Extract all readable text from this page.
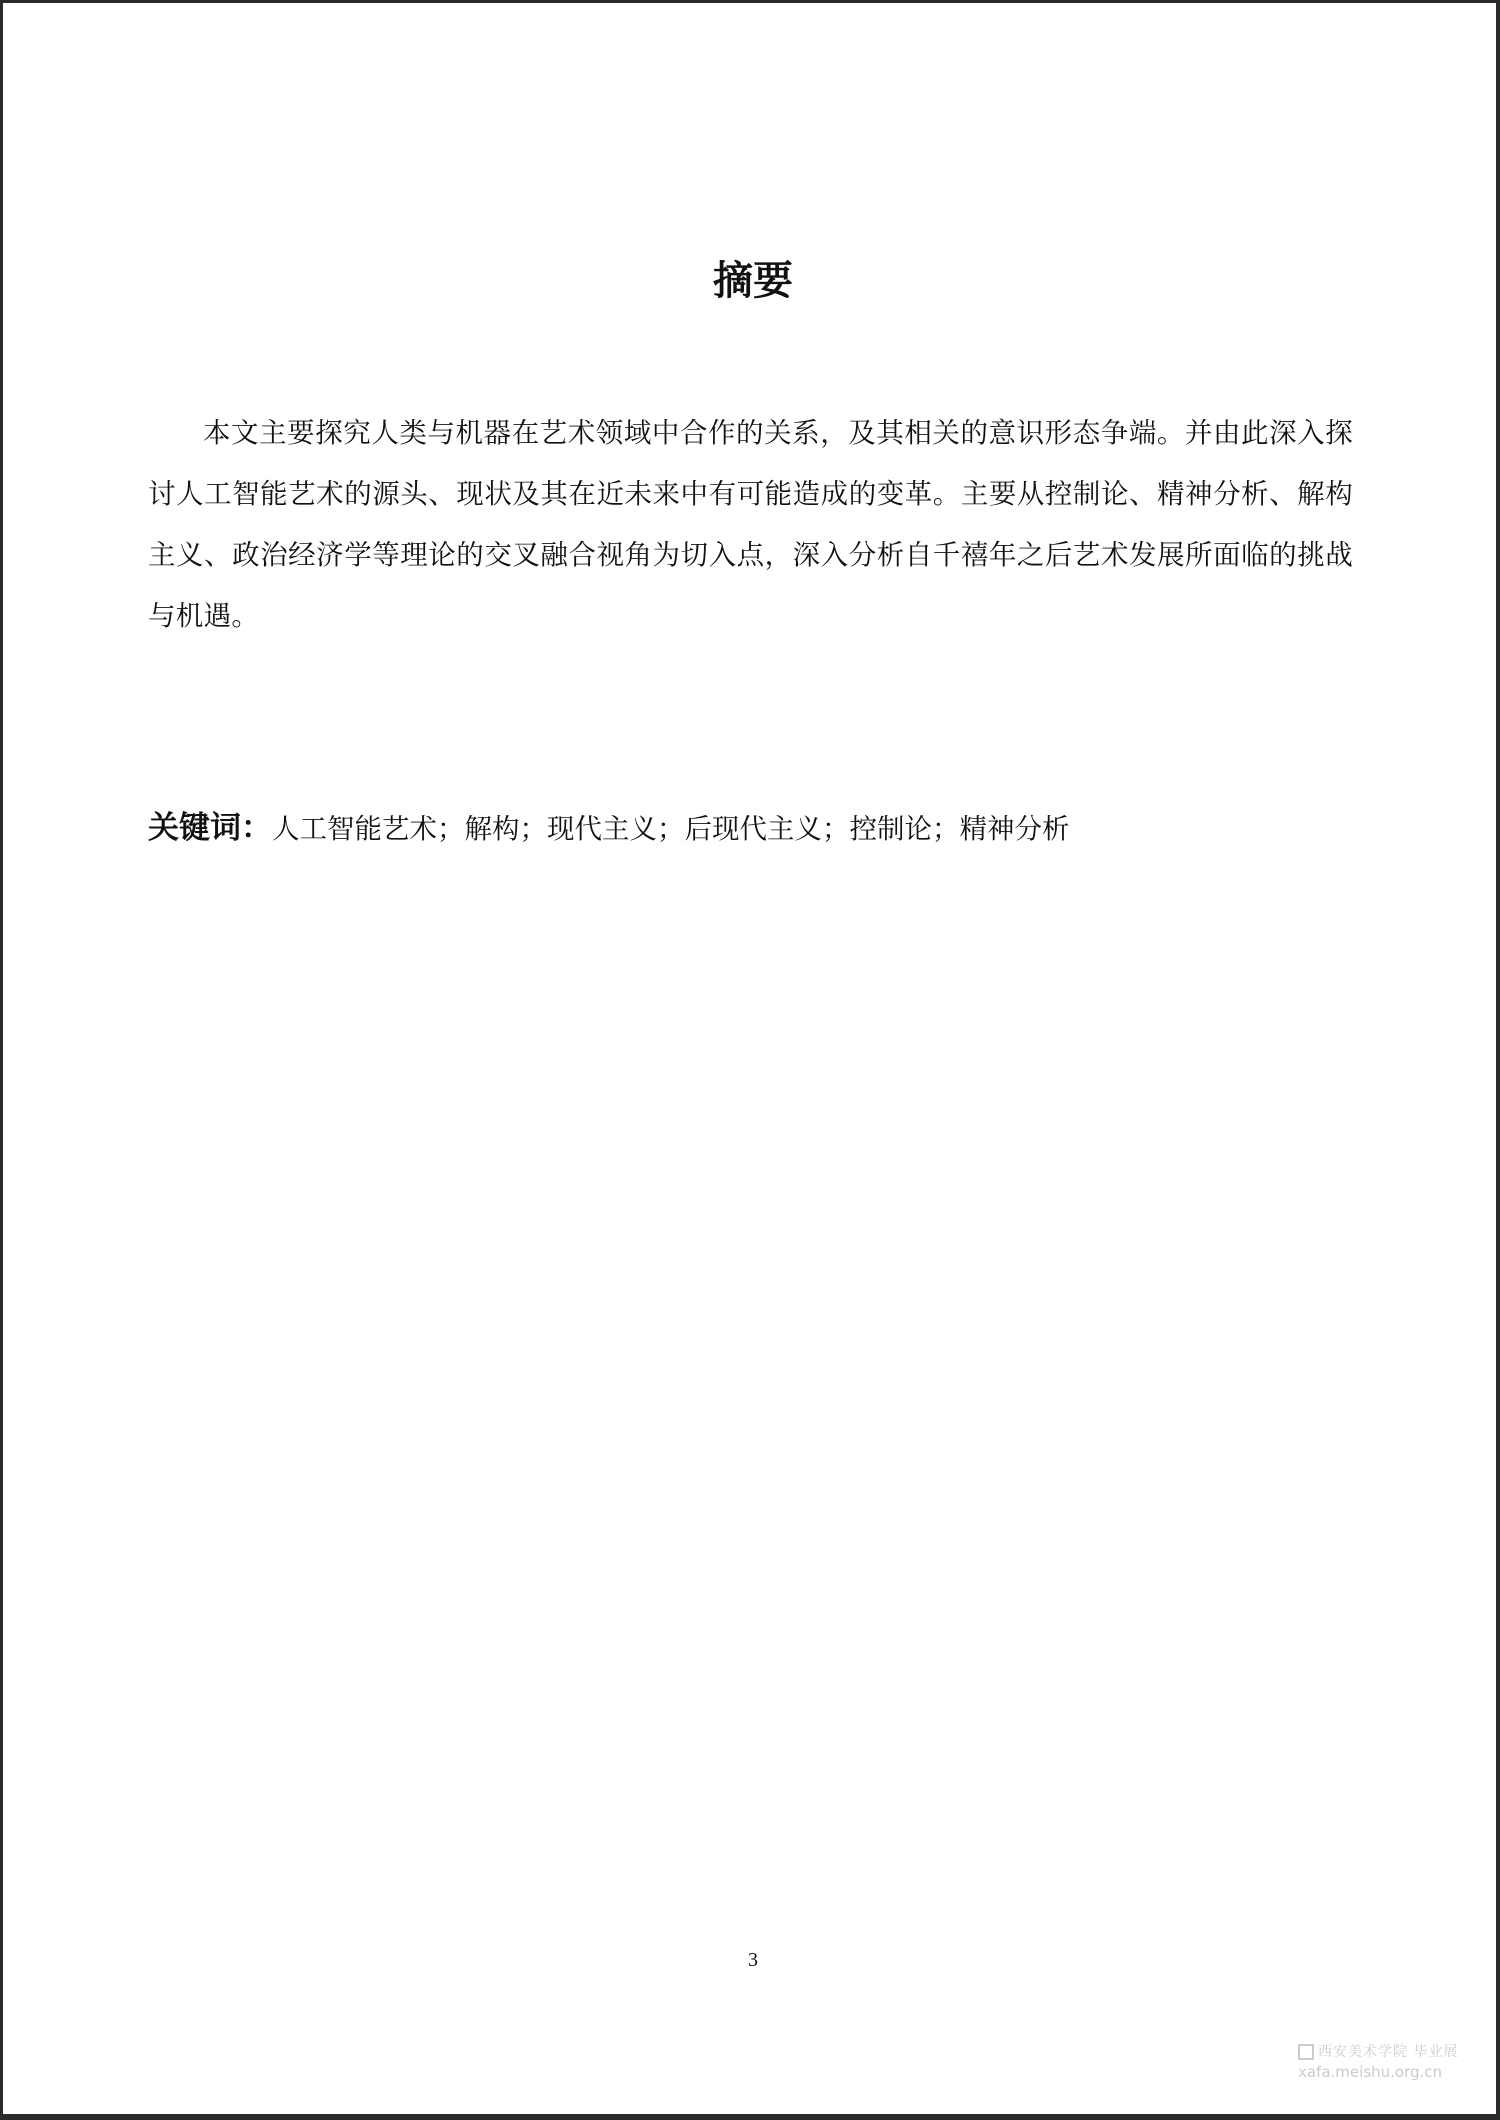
摘要

本文主要探究人类与机器在艺术领域中合作的关系，及其相关的意识形态争端。并由此深入探讨人工智能艺术的源头、现状及其在近未来中有可能造成的变革。主要从控制论、精神分析、解构主义、政治经济学等理论的交叉融合视角为切入点，深入分析自千禧年之后艺术发展所面临的挑战与机遇。

关键词：人工智能艺术；解构；现代主义；后现代主义；控制论；精神分析

3
西安美术学院 毕业展
xafa.meishu.org.cn
